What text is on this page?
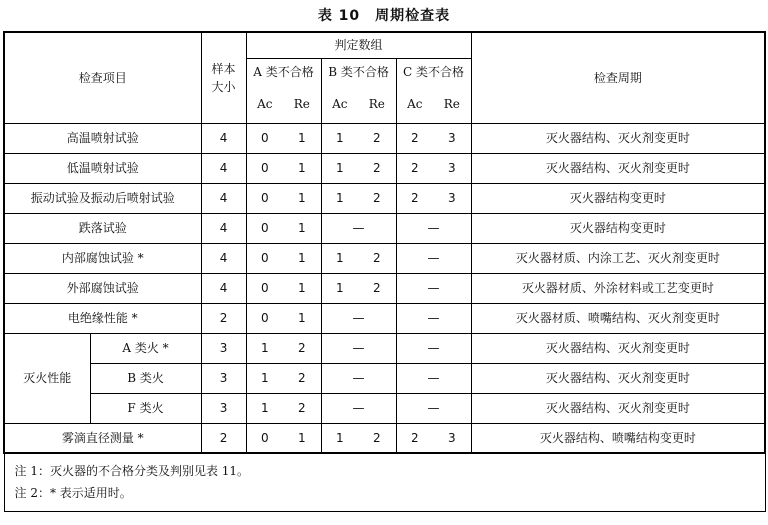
表 10　周期检查表
检查项目		样本
大小	判定数组						检查周期
			A 类不合格		B 类不合格		C 类不合格		
			Ac	Re	Ac	Re	Ac	Re	
高温喷射试验		4	0	1	1	2	2	3	灭火器结构、灭火剂变更时
低温喷射试验		4	0	1	1	2	2	3	灭火器结构、灭火剂变更时
振动试验及振动后喷射试验		4	0	1	1	2	2	3	灭火器结构变更时
跌落试验		4	0	1	—		—		灭火器结构变更时
内部腐蚀试验 *		4	0	1	1	2	—		灭火器材质、内涂工艺、灭火剂变更时
外部腐蚀试验		4	0	1	1	2	—		灭火器材质、外涂材料或工艺变更时
电绝缘性能 *		2	0	1	—		—		灭火器材质、喷嘴结构、灭火剂变更时
灭火性能	A 类火 *	3	1	2	—		—		灭火器结构、灭火剂变更时
	B 类火	3	1	2	—		—		灭火器结构、灭火剂变更时
	F 类火	3	1	2	—		—		灭火器结构、灭火剂变更时
雾滴直径测量 *		2	0	1	1	2	2	3	灭火器结构、喷嘴结构变更时

注 1：灭火器的不合格分类及判别见表 11。
注 2：* 表示适用时。									
